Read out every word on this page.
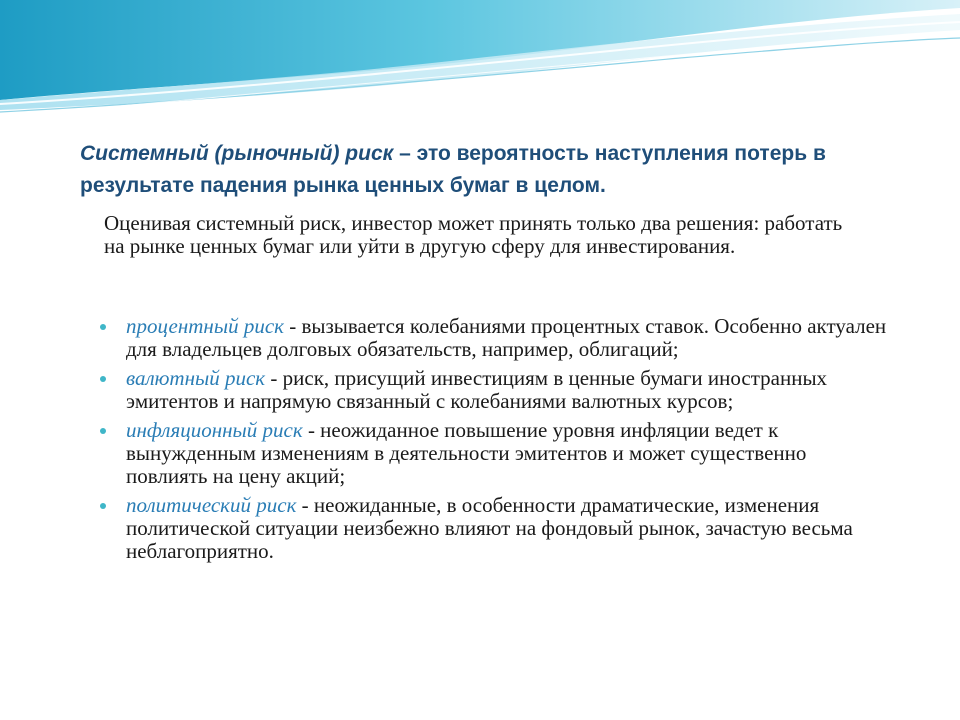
Системный (рыночный) риск – это вероятность наступления потерь в результате падения рынка ценных бумаг в целом.

Оценивая системный риск, инвестор может принять только два решения: работать на рынке ценных бумаг или уйти в другую сферу для инвестирования.

процентный риск - вызывается колебаниями процентных ставок. Особенно актуален для владельцев долговых обязательств, например, облигаций;
валютный риск - риск, присущий инвестициям в ценные бумаги иностранных эмитентов и напрямую связанный с колебаниями валютных курсов;
инфляционный риск - неожиданное повышение уровня инфляции ведет к вынужденным изменениям в деятельности эмитентов и может существенно повлиять на цену акций;
политический риск - неожиданные, в особенности драматические, изменения политической ситуации неизбежно влияют на фондовый рынок, зачастую весьма неблагоприятно.
